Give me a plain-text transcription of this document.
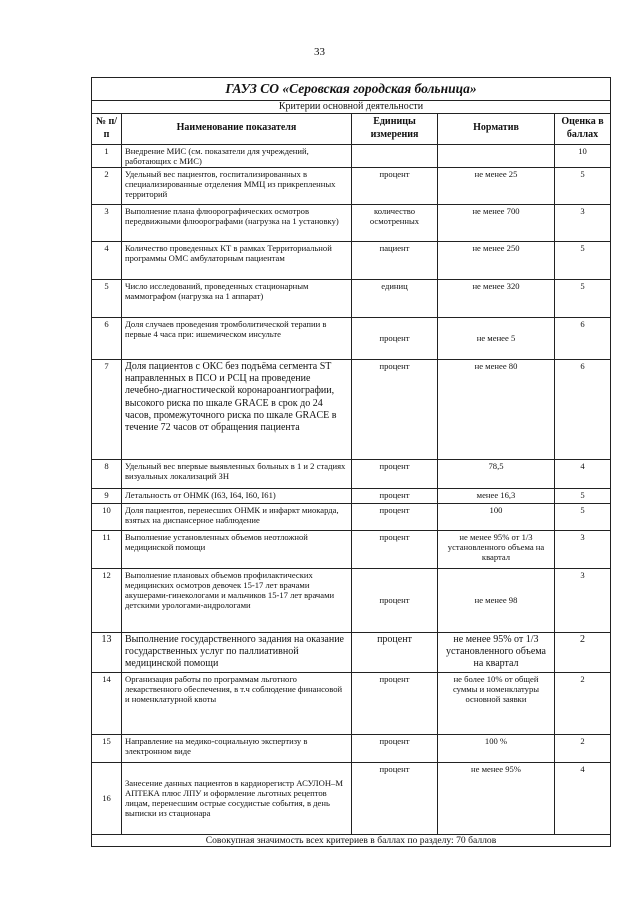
33
ГАУЗ СО «Серовская городская больница»				
Критерии основной деятельности				
№ п/п	Наименование показателя	Единицы измерения	Норматив	Оценка в баллах
1	Внедрение МИС (см. показатели для учреждений, работающих с МИС)			10
2	Удельный вес пациентов, госпитализированных в специализированные отделения ММЦ из прикрепленных территорий	процент	не менее 25	5
3	Выполнение плана флюорографических осмотров передвижными флюорографами (нагрузка на 1 установку)	количество осмотренных	не менее 700	3
4	Количество проведенных КТ в рамках Территориальной программы ОМС амбулаторным пациентам	пациент	не менее 250	5
5	Число исследований, проведенных стационарным маммографом (нагрузка на 1 аппарат)	единиц	не менее 320	5
6	Доля случаев проведения тромболитической терапии в первые 4 часа при: ишемическом инсульте	процент	не менее 5	6
7	Доля пациентов с ОКС без подъёма сегмента ST направленных в ПСО и РСЦ на проведение лечебно-диагностической коронароангиографии, высокого риска по шкале GRACE в срок до 24 часов, промежуточного риска по шкале GRACE в течение 72 часов от обращения пациента	процент	не менее 80	6
8	Удельный вес впервые выявленных больных в 1 и 2 стадиях визуальных локализаций ЗН	процент	78,5	4
9	Летальность от ОНМК (I63, I64, I60, I61)	процент	менее 16,3	5
10	Доля пациентов, перенесших ОНМК и инфаркт миокарда, взятых на диспансерное наблюдение	процент	100	5
11	Выполнение установленных объемов неотложной медицинской помощи	процент	не менее 95% от 1/3 установленного объема на квартал	3
12	Выполнение плановых объемов профилактических медицинских осмотров девочек 15-17 лет врачами акушерами-гинекологами и мальчиков 15-17 лет врачами детскими урологами-андрологами	процент	не менее 98	3
13	Выполнение государственного задания на оказание государственных услуг по паллиативной медицинской помощи	процент	не менее 95% от 1/3 установленного объема на квартал	2
14	Организация работы по программам льготного лекарственного обеспечения, в т.ч соблюдение финансовой и номенклатурной квоты	процент	не более 10% от общей суммы и номенклатуры основной заявки	2
15	Направление на медико-социальную экспертизу в электронном виде	процент	100 %	2
16	Занесение данных пациентов в кардиорегистр АСУЛОН–М АПТЕКА плюс ЛПУ и оформление льготных рецептов лицам, перенесшим острые сосудистые события, в день выписки из стационара	процент	не менее 95%	4
Совокупная значимость всех критериев в баллах по разделу: 70 баллов				
